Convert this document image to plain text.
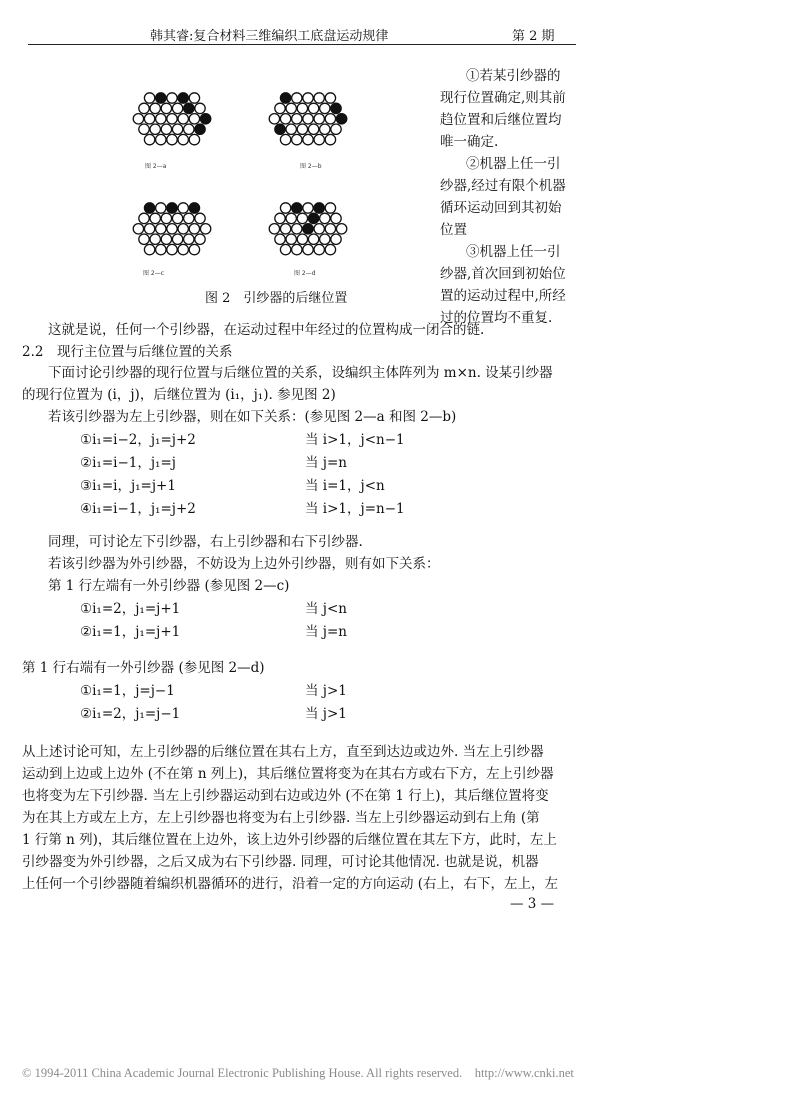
韩其睿:复合材料三维编织工底盘运动规律	第 2 期
图 2—a	图 2—b
图 2—c	图 2—d
图 2　引纱器的后继位置
①若某引纱器的
现行位置确定,则其前
趋位置和后继位置均
唯一确定.
②机器上任一引
纱器,经过有限个机器
循环运动回到其初始
位置
③机器上任一引
纱器,首次回到初始位
置的运动过程中,所经
过的位置均不重复.
这就是说，任何一个引纱器，在运动过程中年经过的位置构成一闭合的链.
2.2　现行主位置与后继位置的关系
下面讨论引纱器的现行位置与后继位置的关系，设编织主体阵列为 m×n. 设某引纱器
的现行位置为 (i，j)，后继位置为 (i₁，j₁). 参见图 2)
若该引纱器为左上引纱器，则在如下关系：(参见图 2—a 和图 2—b)
①i₁=i−2，j₁=j+2	当 i>1，j<n−1
②i₁=i−1，j₁=j	当 j=n
③i₁=i，j₁=j+1	当 i=1，j<n
④i₁=i−1，j₁=j+2	当 i>1，j=n−1
同理，可讨论左下引纱器，右上引纱器和右下引纱器.
若该引纱器为外引纱器，不妨设为上边外引纱器，则有如下关系：
第 1 行左端有一外引纱器 (参见图 2—c)
①i₁=2，j₁=j+1	当 j<n
②i₁=1，j₁=j+1	当 j=n
第 1 行右端有一外引纱器 (参见图 2—d)
①i₁=1，j=j−1	当 j>1
②i₁=2，j₁=j−1	当 j>1
从上述讨论可知，左上引纱器的后继位置在其右上方，直至到达边或边外. 当左上引纱器
运动到上边或上边外 (不在第 n 列上)，其后继位置将变为在其右方或右下方，左上引纱器
也将变为左下引纱器. 当左上引纱器运动到右边或边外 (不在第 1 行上)，其后继位置将变
为在其上方或左上方，左上引纱器也将变为右上引纱器. 当左上引纱器运动到右上角 (第
1 行第 n 列)，其后继位置在上边外，该上边外引纱器的后继位置在其左下方，此时，左上
引纱器变为外引纱器，之后又成为右下引纱器. 同理，可讨论其他情况. 也就是说，机器
上任何一个引纱器随着编织机器循环的进行，沿着一定的方向运动 (右上，右下，左上，左
— 3 —
© 1994-2011 China Academic Journal Electronic Publishing House. All rights reserved.　http://www.cnki.net
